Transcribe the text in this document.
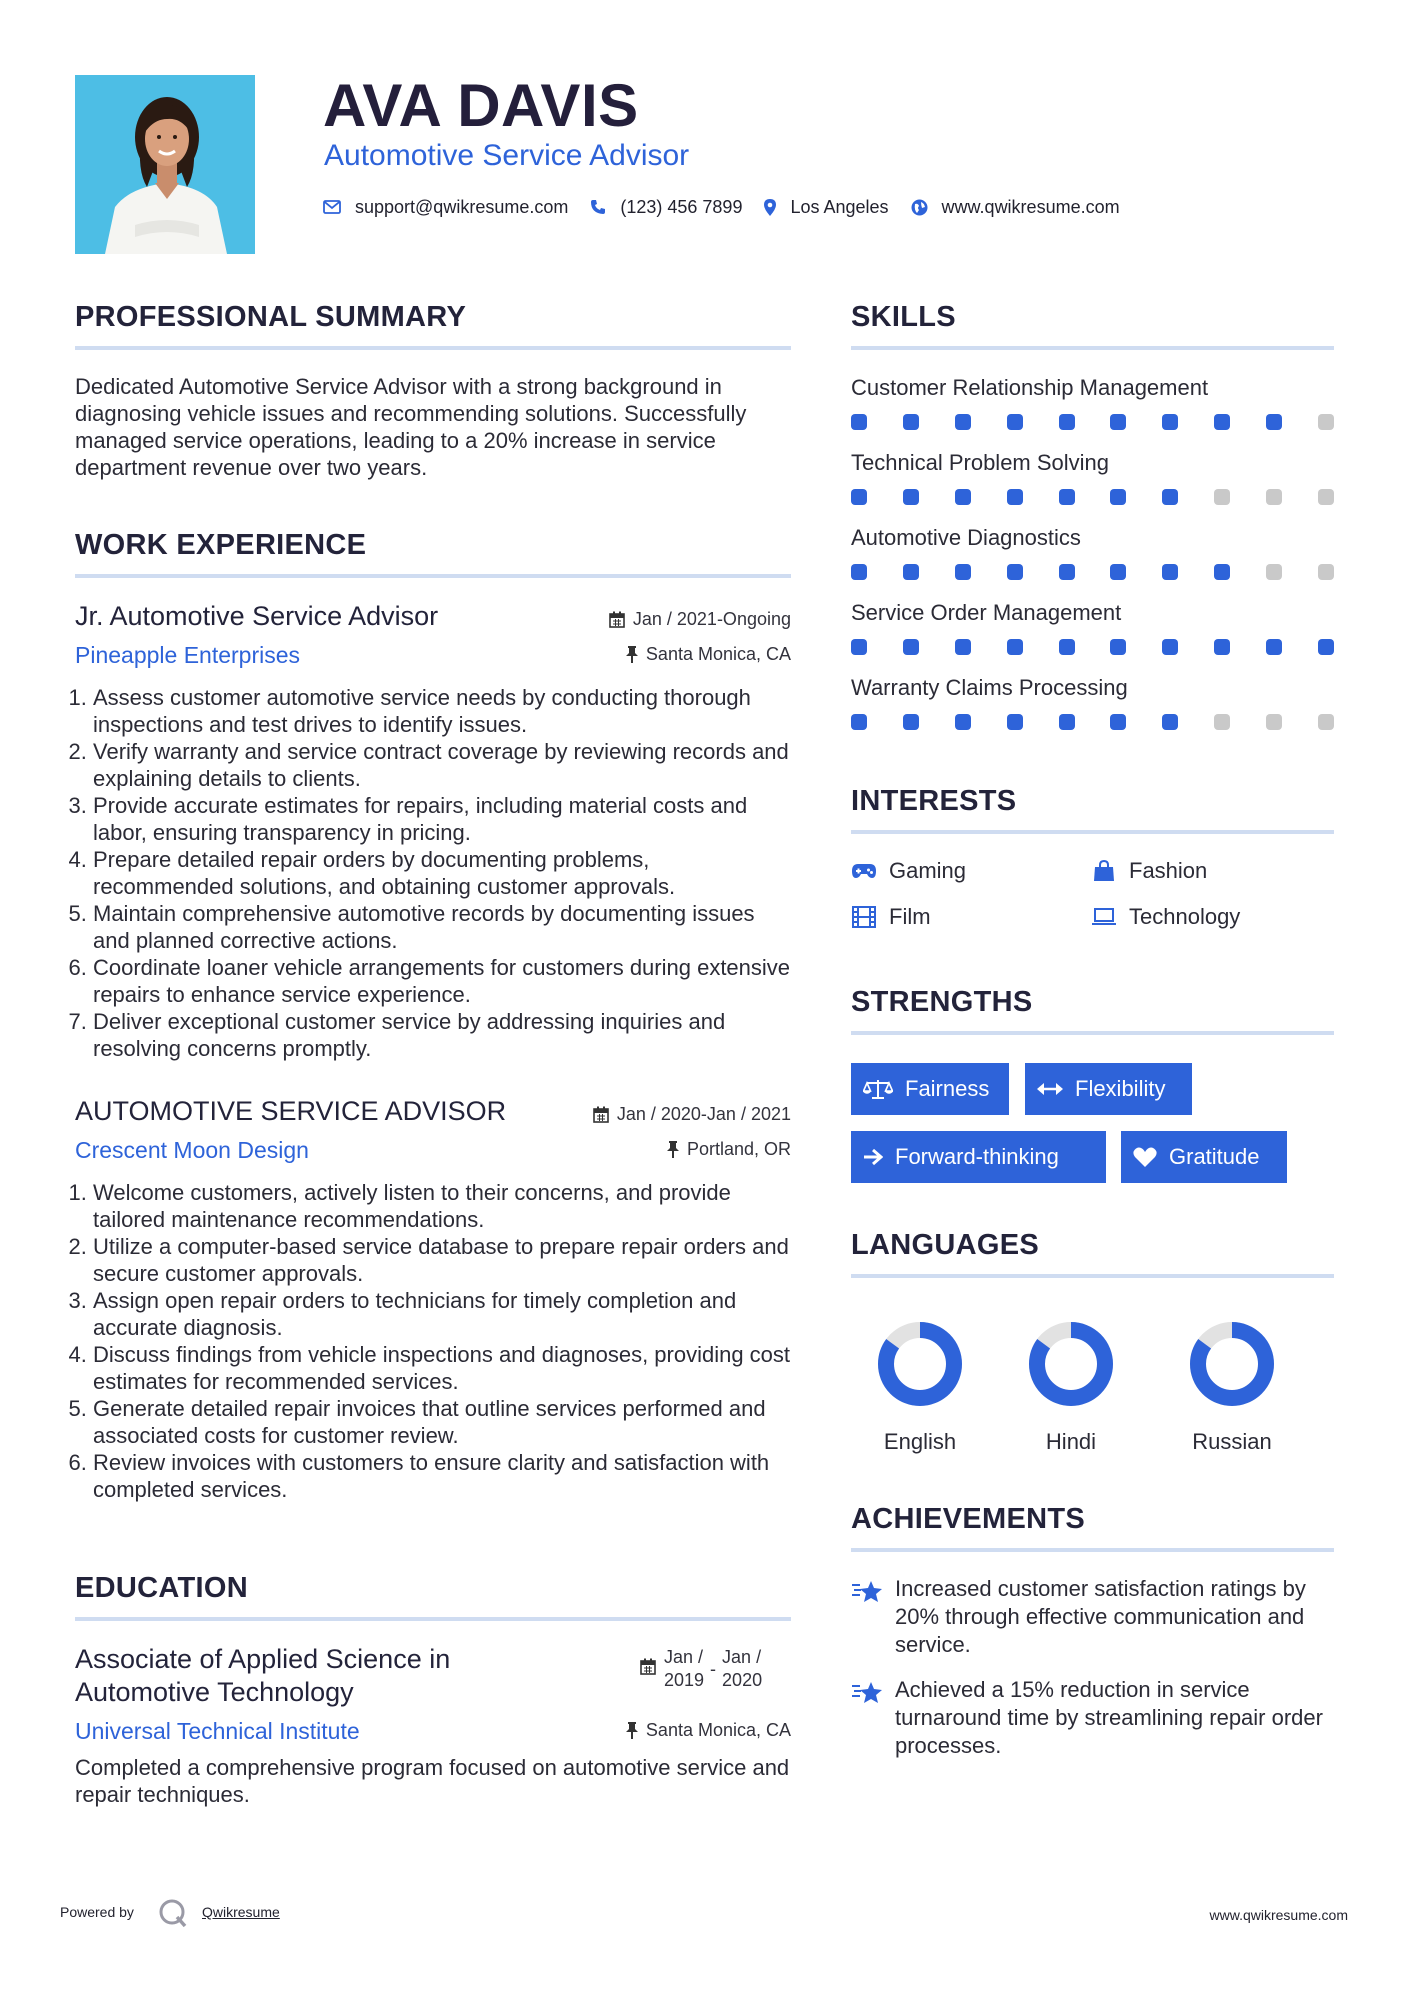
AVA DAVIS
Automotive Service Advisor
support@qwikresume.com	(123) 456 7899	Los Angeles	www.qwikresume.com
PROFESSIONAL SUMMARY
Dedicated Automotive Service Advisor with a strong background in diagnosing vehicle issues and recommending solutions. Successfully managed service operations, leading to a 20% increase in service department revenue over two years.
WORK EXPERIENCE
Jr. Automotive Service Advisor	Jan / 2021-Ongoing
Pineapple Enterprises	Santa Monica, CA
1. Assess customer automotive service needs by conducting thorough inspections and test drives to identify issues.
2. Verify warranty and service contract coverage by reviewing records and explaining details to clients.
3. Provide accurate estimates for repairs, including material costs and labor, ensuring transparency in pricing.
4. Prepare detailed repair orders by documenting problems, recommended solutions, and obtaining customer approvals.
5. Maintain comprehensive automotive records by documenting issues and planned corrective actions.
6. Coordinate loaner vehicle arrangements for customers during extensive repairs to enhance service experience.
7. Deliver exceptional customer service by addressing inquiries and resolving concerns promptly.
AUTOMOTIVE SERVICE ADVISOR	Jan / 2020-Jan / 2021
Crescent Moon Design	Portland, OR
1. Welcome customers, actively listen to their concerns, and provide tailored maintenance recommendations.
2. Utilize a computer-based service database to prepare repair orders and secure customer approvals.
3. Assign open repair orders to technicians for timely completion and accurate diagnosis.
4. Discuss findings from vehicle inspections and diagnoses, providing cost estimates for recommended services.
5. Generate detailed repair invoices that outline services performed and associated costs for customer review.
6. Review invoices with customers to ensure clarity and satisfaction with completed services.
EDUCATION
Associate of Applied Science in
Automotive Technology
Jan /
2019
-
Jan /
2020
Universal Technical Institute	Santa Monica, CA
Completed a comprehensive program focused on automotive service and repair techniques.
SKILLS
Customer Relationship Management
Technical Problem Solving
Automotive Diagnostics
Service Order Management
Warranty Claims Processing
INTERESTS
Gaming	Fashion
Film	Technology
STRENGTHS
Fairness	Flexibility
Forward-thinking	Gratitude
LANGUAGES
English	Hindi	Russian
ACHIEVEMENTS
Increased customer satisfaction ratings by 20% through effective communication and service.
Achieved a 15% reduction in service turnaround time by streamlining repair order processes.
Powered by	Qwikresume	www.qwikresume.com
